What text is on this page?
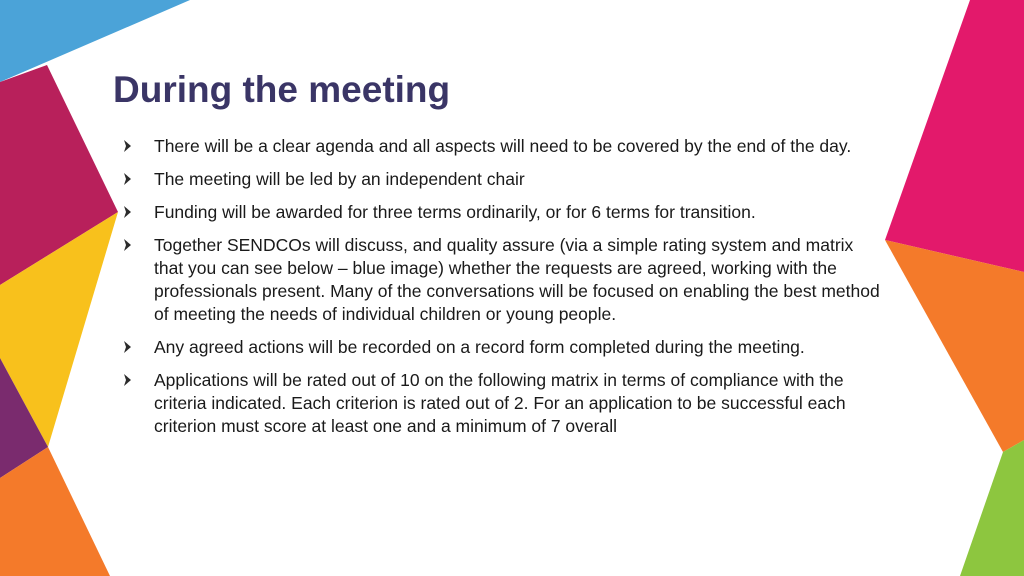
During the meeting
There will be a clear agenda and all aspects will need to be covered by the end of the day.
The meeting will be led by an independent chair
Funding will be awarded for three terms ordinarily, or for 6 terms for transition.
Together SENDCOs will discuss, and quality assure (via a simple rating system and matrix that you can see below – blue image) whether the requests are agreed, working with the professionals present. Many of the conversations will be focused on enabling the best method of meeting the needs of individual children or young people.
Any agreed actions will be recorded on a record form completed during the meeting.
Applications will be rated out of 10 on the following matrix in terms of compliance with the criteria indicated. Each criterion is rated out of 2. For an application to be successful each criterion must score at least one and a minimum of 7 overall
